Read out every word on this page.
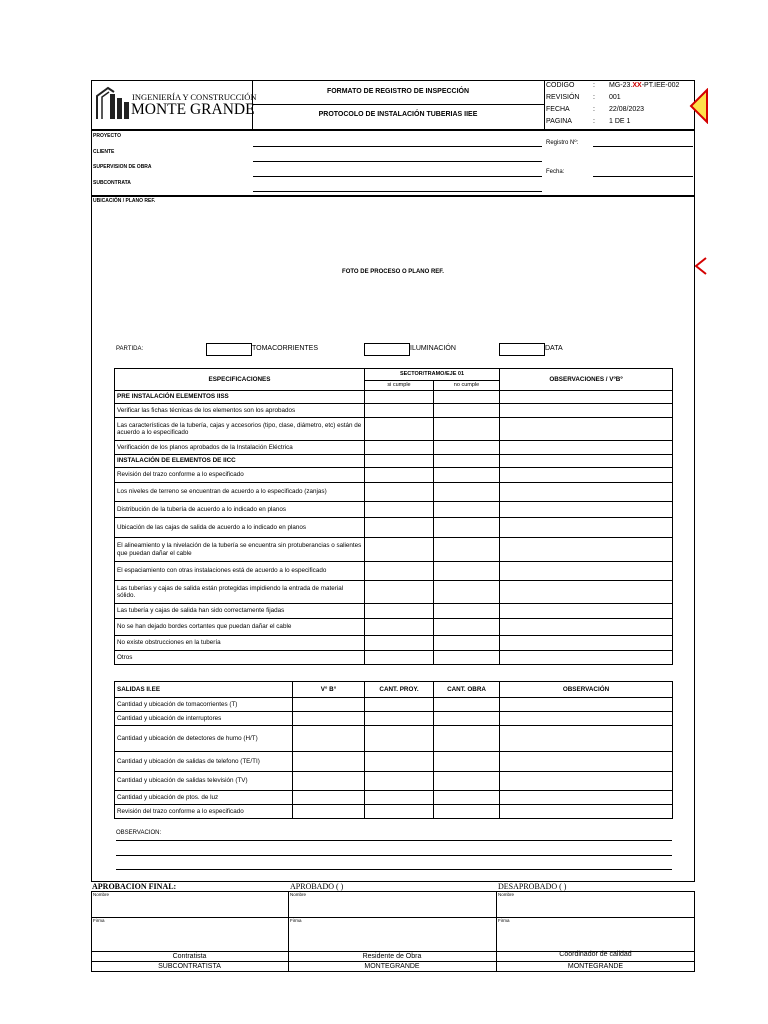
INGENIERÍA Y CONSTRUCCIÓN
MONTE GRANDE
FORMATO DE REGISTRO DE INSPECCIÓN
PROTOCOLO DE INSTALACIÓN TUBERIAS IIEE
CODIGO	: MG-23.XX-PT.IEE-002
REVISIÓN : 001
FECHA	: 22/08/2023
PAGINA	: 1 DE 1
PROYECTO
CLIENTE
SUPERVISION DE OBRA
SUBCONTRATA
Registro Nº:
Fecha:
UBICACIÓN / PLANO REF.
FOTO DE PROCESO O PLANO REF.
PARTIDA:	TOMACORRIENTES	ILUMINACIÓN	DATA
ESPECIFICACIONES	SECTOR/TRAMO/EJE 01		OBSERVACIONES / VºBº
	si cumple	no cumple	
PRE INSTALACIÓN ELEMENTOS IISS			
Verificar las fichas técnicas de los elementos son los aprobados			
Las características de la tubería, cajas y accesorios (tipo, clase, diámetro, etc) están de acuerdo a lo especificado			
Verificación de los planos aprobados de la Instalación Eléctrica			
INSTALACIÓN DE ELEMENTOS DE IICC			
Revisión del trazo conforme a lo especificado			
Los niveles de terreno se encuentran de acuerdo a lo especificado (zanjas)			
Distribución de la tubería de acuerdo a lo indicado en planos			
Ubicación de las cajas de salida de acuerdo a lo indicado en planos			
El alineamiento y la nivelación de la tubería se encuentra sin protuberancias o salientes que puedan dañar el cable			
El espaciamiento con otras instalaciones está de acuerdo a lo especificado			
Las tuberías y cajas de salida están protegidas impidiendo la entrada de material sólido.			
Las tubería y cajas de salida han sido correctamente fijadas			
No se han dejado bordes cortantes que puedan dañar el cable			
No existe obstrucciones en la tubería			
Otros			
SALIDAS II.EE	V° B°	CANT. PROY.	CANT. OBRA	OBSERVACIÓN
Cantidad y ubicación de tomacorrientes (T)				
Cantidad y ubicación de interruptores				
Cantidad y ubicación de detectores de humo (H/T)				
Cantidad y ubicación de salidas de telefono (TE/TI)				
Cantidad y ubicación de salidas televisión (TV)				
Cantidad y ubicación de ptos. de luz				
Revisión del trazo conforme a lo especificado				
OBSERVACION:
APROBACION FINAL:	APROBADO ( )	DESAPROBADO ( )
Nombre	Nombre	Nombre
Firma	Firma	Firma
Contratista	Residente de Obra	Coordinador de calidad
SUBCONTRATISTA	MONTEGRANDE	MONTEGRANDE
